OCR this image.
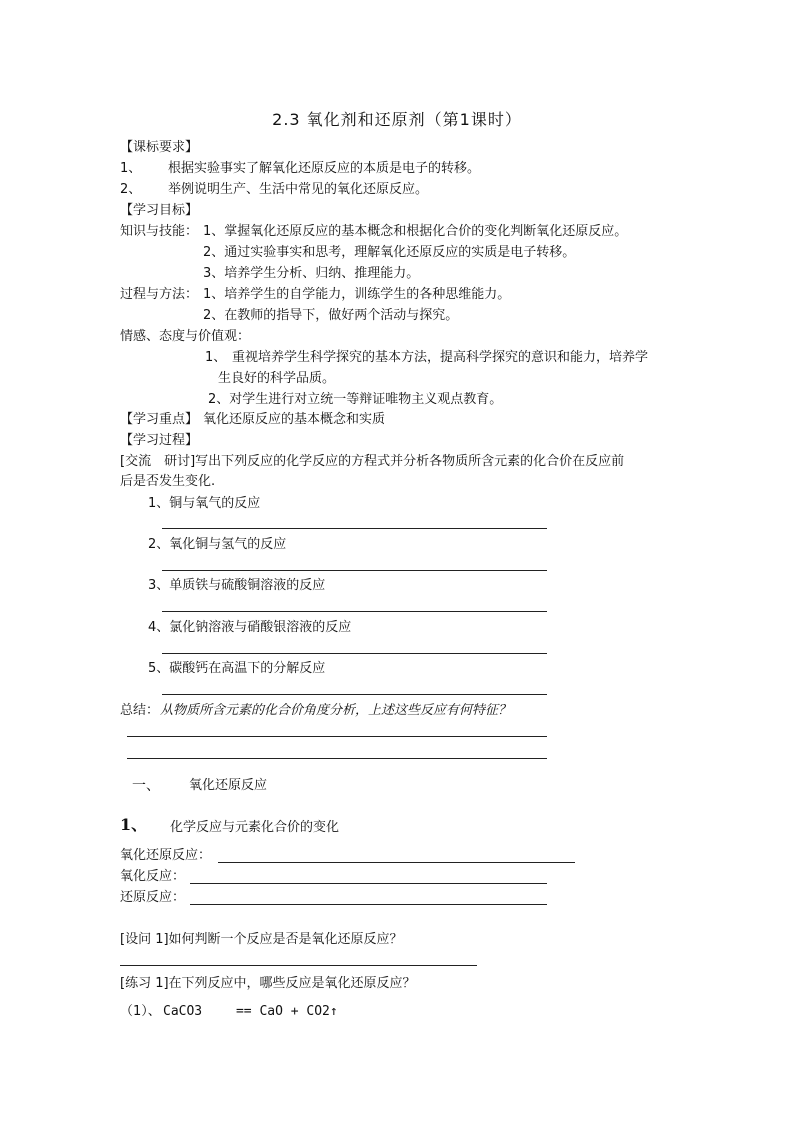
2.3 氧化剂和还原剂（第1课时）
【课标要求】
1、 根据实验事实了解氧化还原反应的本质是电子的转移。
2、 举例说明生产、生活中常见的氧化还原反应。
【学习目标】
知识与技能： 1、掌握氧化还原反应的基本概念和根据化合价的变化判断氧化还原反应。
2、通过实验事实和思考，理解氧化还原反应的实质是电子转移。
3、培养学生分析、归纳、推理能力。
过程与方法： 1、培养学生的自学能力，训练学生的各种思维能力。
2、在教师的指导下，做好两个活动与探究。
情感、态度与价值观：
1、 重视培养学生科学探究的基本方法，提高科学探究的意识和能力，培养学
生良好的科学品质。
2、对学生进行对立统一等辩证唯物主义观点教育。
【学习重点】 氧化还原反应的基本概念和实质
【学习过程】
[交流　研讨]写出下列反应的化学反应的方程式并分析各物质所含元素的化合价在反应前
后是否发生变化.
1、铜与氧气的反应
2、氧化铜与氢气的反应
3、单质铁与硫酸铜溶液的反应
4、氯化钠溶液与硝酸银溶液的反应
5、碳酸钙在高温下的分解反应
总结： 从物质所含元素的化合价角度分析，上述这些反应有何特征？
一、 氧化还原反应
1、 化学反应与元素化合价的变化
氧化还原反应：
氧化反应：
还原反应：
[设问 1]如何判断一个反应是否是氧化还原反应？
[练习 1]在下列反应中，哪些反应是氧化还原反应？
（1）、 CaCO3　　 == CaO + CO2↑
